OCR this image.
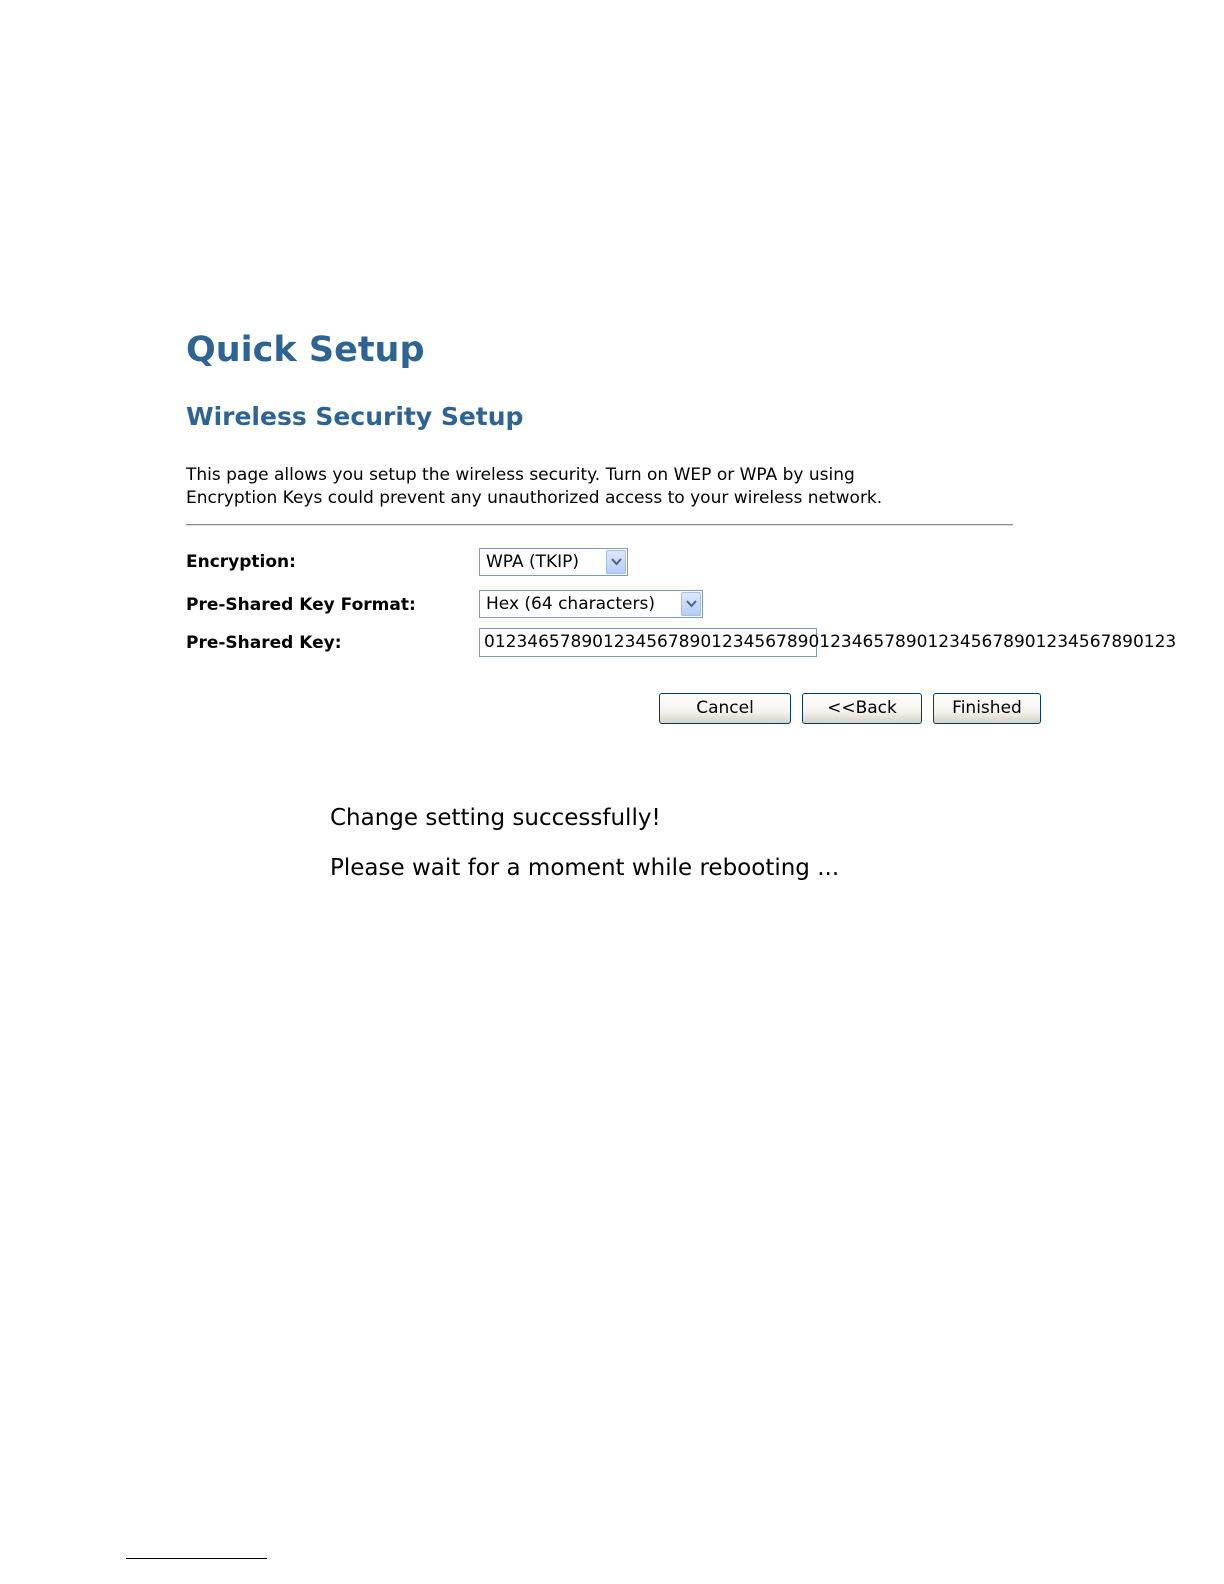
Quick Setup
Wireless Security Setup
This page allows you setup the wireless security. Turn on WEP or WPA by using
Encryption Keys could prevent any unauthorized access to your wireless network.
Encryption:	WPA (TKIP)
Pre-Shared Key Format:	Hex (64 characters)
Pre-Shared Key:	0123465789012345678901234567890123465789012345678901234567890123
Cancel	<<Back	Finished

Change setting successfully!

Please wait for a moment while rebooting ...
